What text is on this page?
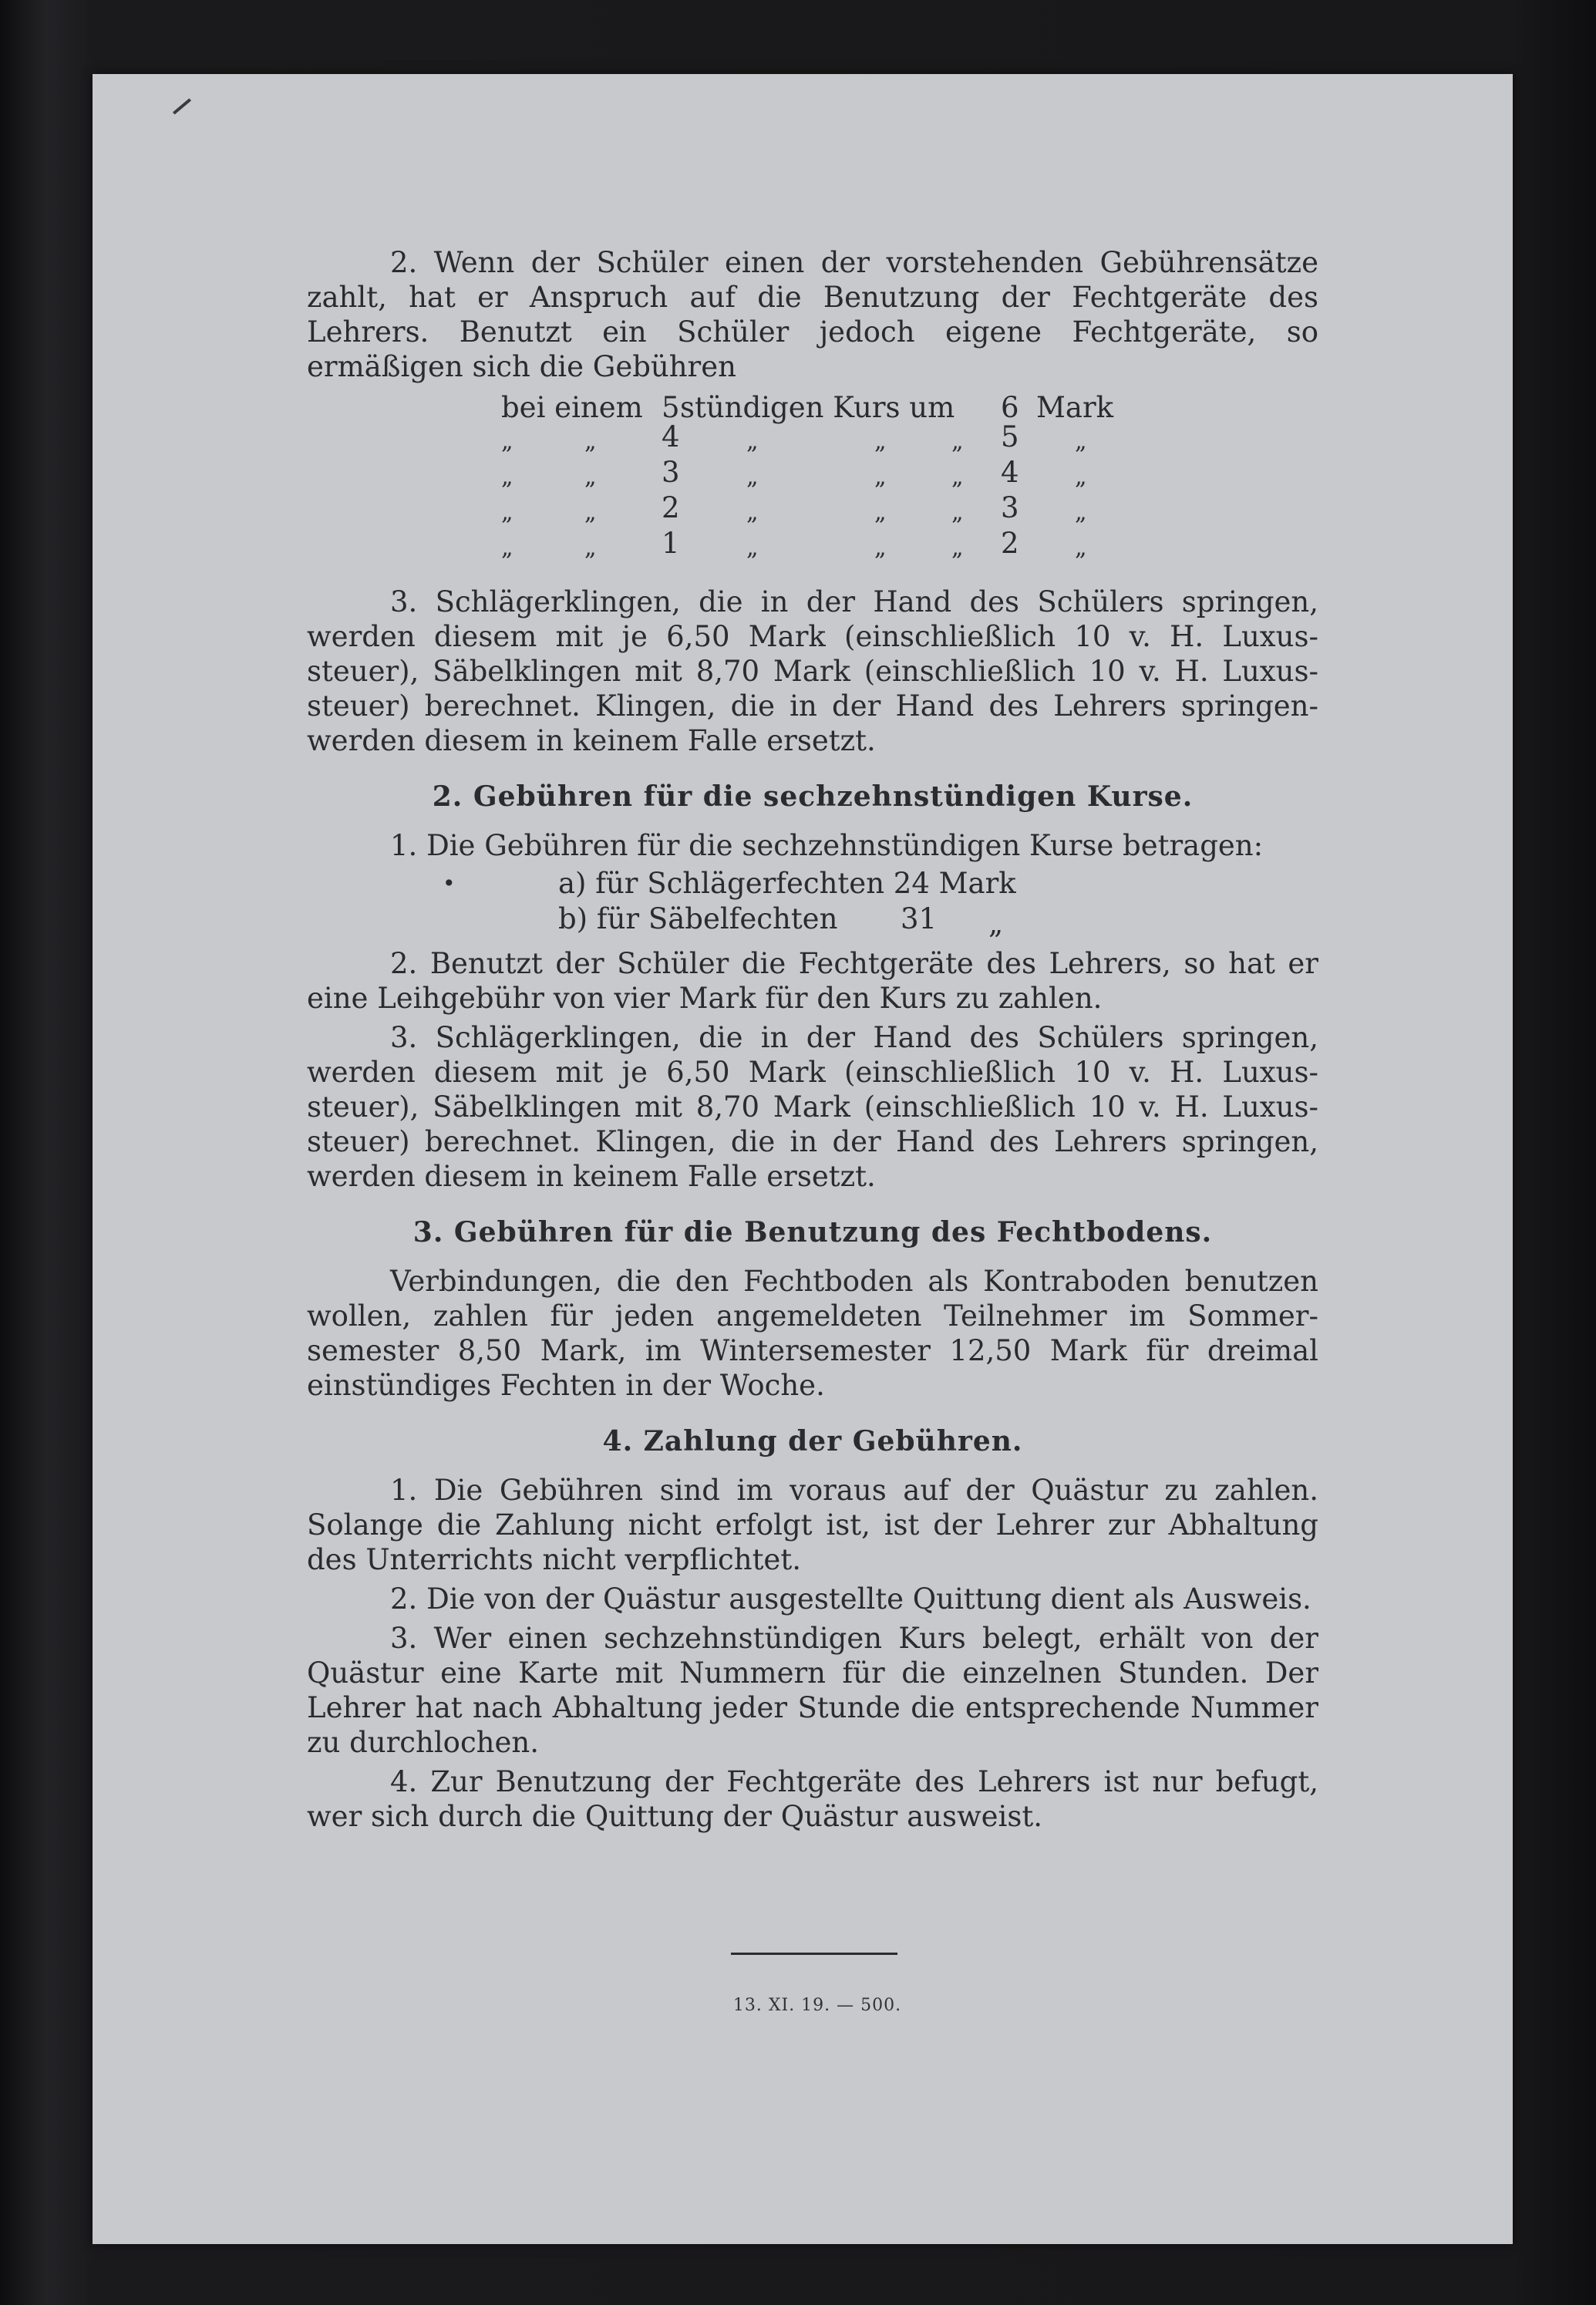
2. Wenn der Schüler einen der vorstehenden Gebührensätze zahlt, hat er Anspruch auf die Benutzung der Fechtgeräte des Lehrers. Benutzt ein Schüler jedoch eigene Fechtgeräte, so ermäßigen sich die Gebühren

bei einem 5 stündigen Kurs um 6 Mark
„	„ 4	„	„	„ 5 „
„	„ 3	„	„	„ 4 „
„	„ 2	„	„	„ 3 „
„	„ 1	„	„	„ 2 „

3. Schlägerklingen, die in der Hand des Schülers springen, werden diesem mit je 6,50 Mark (einschließlich 10 v. H. Luxus- steuer), Säbelklingen mit 8,70 Mark (einschließlich 10 v. H. Luxus- steuer) berechnet. Klingen, die in der Hand des Lehrers springen- werden diesem in keinem Falle ersetzt.

2. Gebühren für die sechzehnstündigen Kurse.

1. Die Gebühren für die sechzehnstündigen Kurse betragen:

•	a) für Schlägerfechten 24 Mark
b) für Säbelfechten 31 „

2. Benutzt der Schüler die Fechtgeräte des Lehrers, so hat er eine Leihgebühr von vier Mark für den Kurs zu zahlen.

3. Schlägerklingen, die in der Hand des Schülers springen, werden diesem mit je 6,50 Mark (einschließlich 10 v. H. Luxus- steuer), Säbelklingen mit 8,70 Mark (einschließlich 10 v. H. Luxus- steuer) berechnet. Klingen, die in der Hand des Lehrers springen, werden diesem in keinem Falle ersetzt.

3. Gebühren für die Benutzung des Fechtbodens.

Verbindungen, die den Fechtboden als Kontraboden benutzen wollen, zahlen für jeden angemeldeten Teilnehmer im Sommer- semester 8,50 Mark, im Wintersemester 12,50 Mark für dreimal einstündiges Fechten in der Woche.

4. Zahlung der Gebühren.

1. Die Gebühren sind im voraus auf der Quästur zu zahlen. Solange die Zahlung nicht erfolgt ist, ist der Lehrer zur Abhaltung des Unterrichts nicht verpflichtet.

2. Die von der Quästur ausgestellte Quittung dient als Ausweis.

3. Wer einen sechzehnstündigen Kurs belegt, erhält von der Quästur eine Karte mit Nummern für die einzelnen Stunden. Der Lehrer hat nach Abhaltung jeder Stunde die entsprechende Nummer zu durchlochen.

4. Zur Benutzung der Fechtgeräte des Lehrers ist nur befugt, wer sich durch die Quittung der Quästur ausweist.

13. XI. 19. — 500.
